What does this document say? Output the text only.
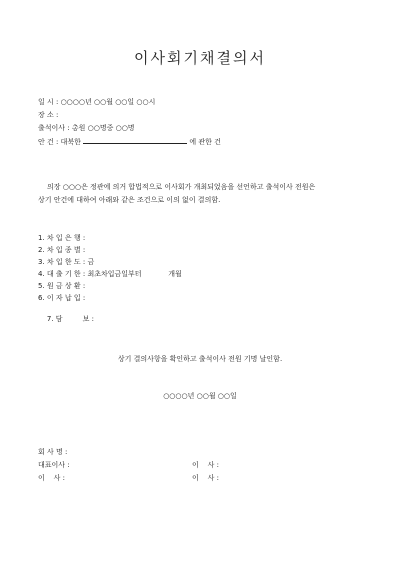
이사회기채결의서
일 시 : ○○○○년 ○○월 ○○일 ○○시
장 소 :
출석이사 : 총원 ○○명중 ○○명
안 건 : 대북한	에 관한 건
의장 ○○○은 정관에 의거 합법적으로 이사회가 개최되었음을 선언하고 출석이사 전원은
상기 안건에 대하여 아래와 같은 조건으로 이의 없이 결의함.
1. 차 입 은 행 :
2. 차 입 종 별 :
3. 차 입 한 도 : 금
4. 대 출 기 한 : 최초차입금일부터            개월
5. 원 금 상 환 :
6. 이 자 납 입 :

7. 담         보 :

상기 결의사항을 확인하고 출석이사 전원 기명 날인함.
○○○○년 ○○월 ○○일
회 사 명 :
대표이사 :
이    사 :
이    사 :
이    사 :
